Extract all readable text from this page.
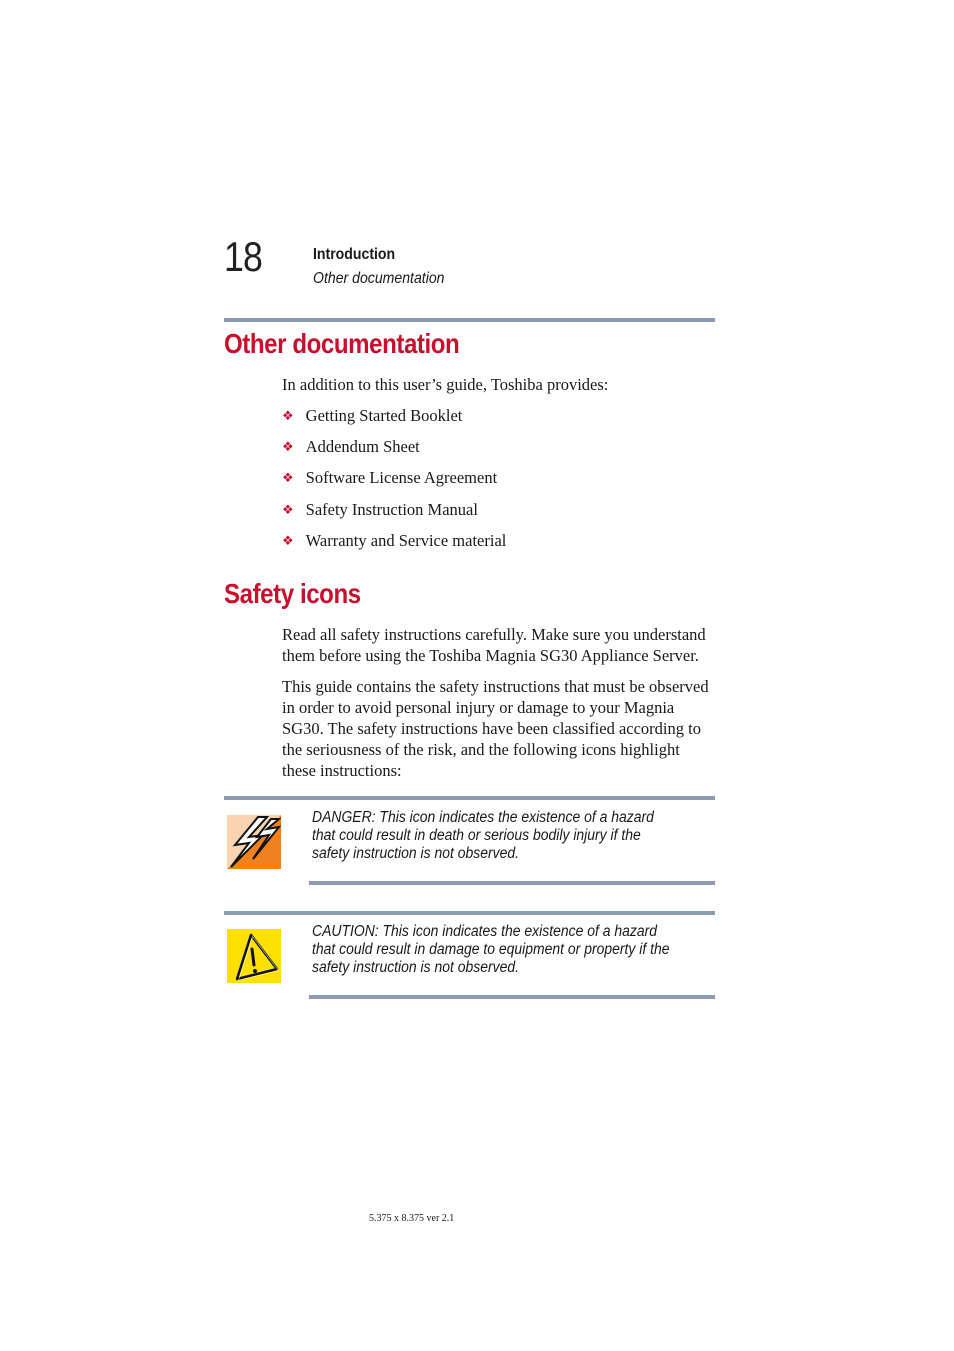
18	Introduction
Other documentation
Other documentation
In addition to this user’s guide, Toshiba provides:
❖ Getting Started Booklet
❖ Addendum Sheet
❖ Software License Agreement
❖ Safety Instruction Manual
❖ Warranty and Service material
Safety icons
Read all safety instructions carefully. Make sure you understand them before using the Toshiba Magnia SG30 Appliance Server.
This guide contains the safety instructions that must be observed in order to avoid personal injury or damage to your Magnia SG30. The safety instructions have been classified according to the seriousness of the risk, and the following icons highlight these instructions:
DANGER: This icon indicates the existence of a hazard that could result in death or serious bodily injury if the safety instruction is not observed.
CAUTION: This icon indicates the existence of a hazard that could result in damage to equipment or property if the safety instruction is not observed.
5.375 x 8.375 ver 2.1
